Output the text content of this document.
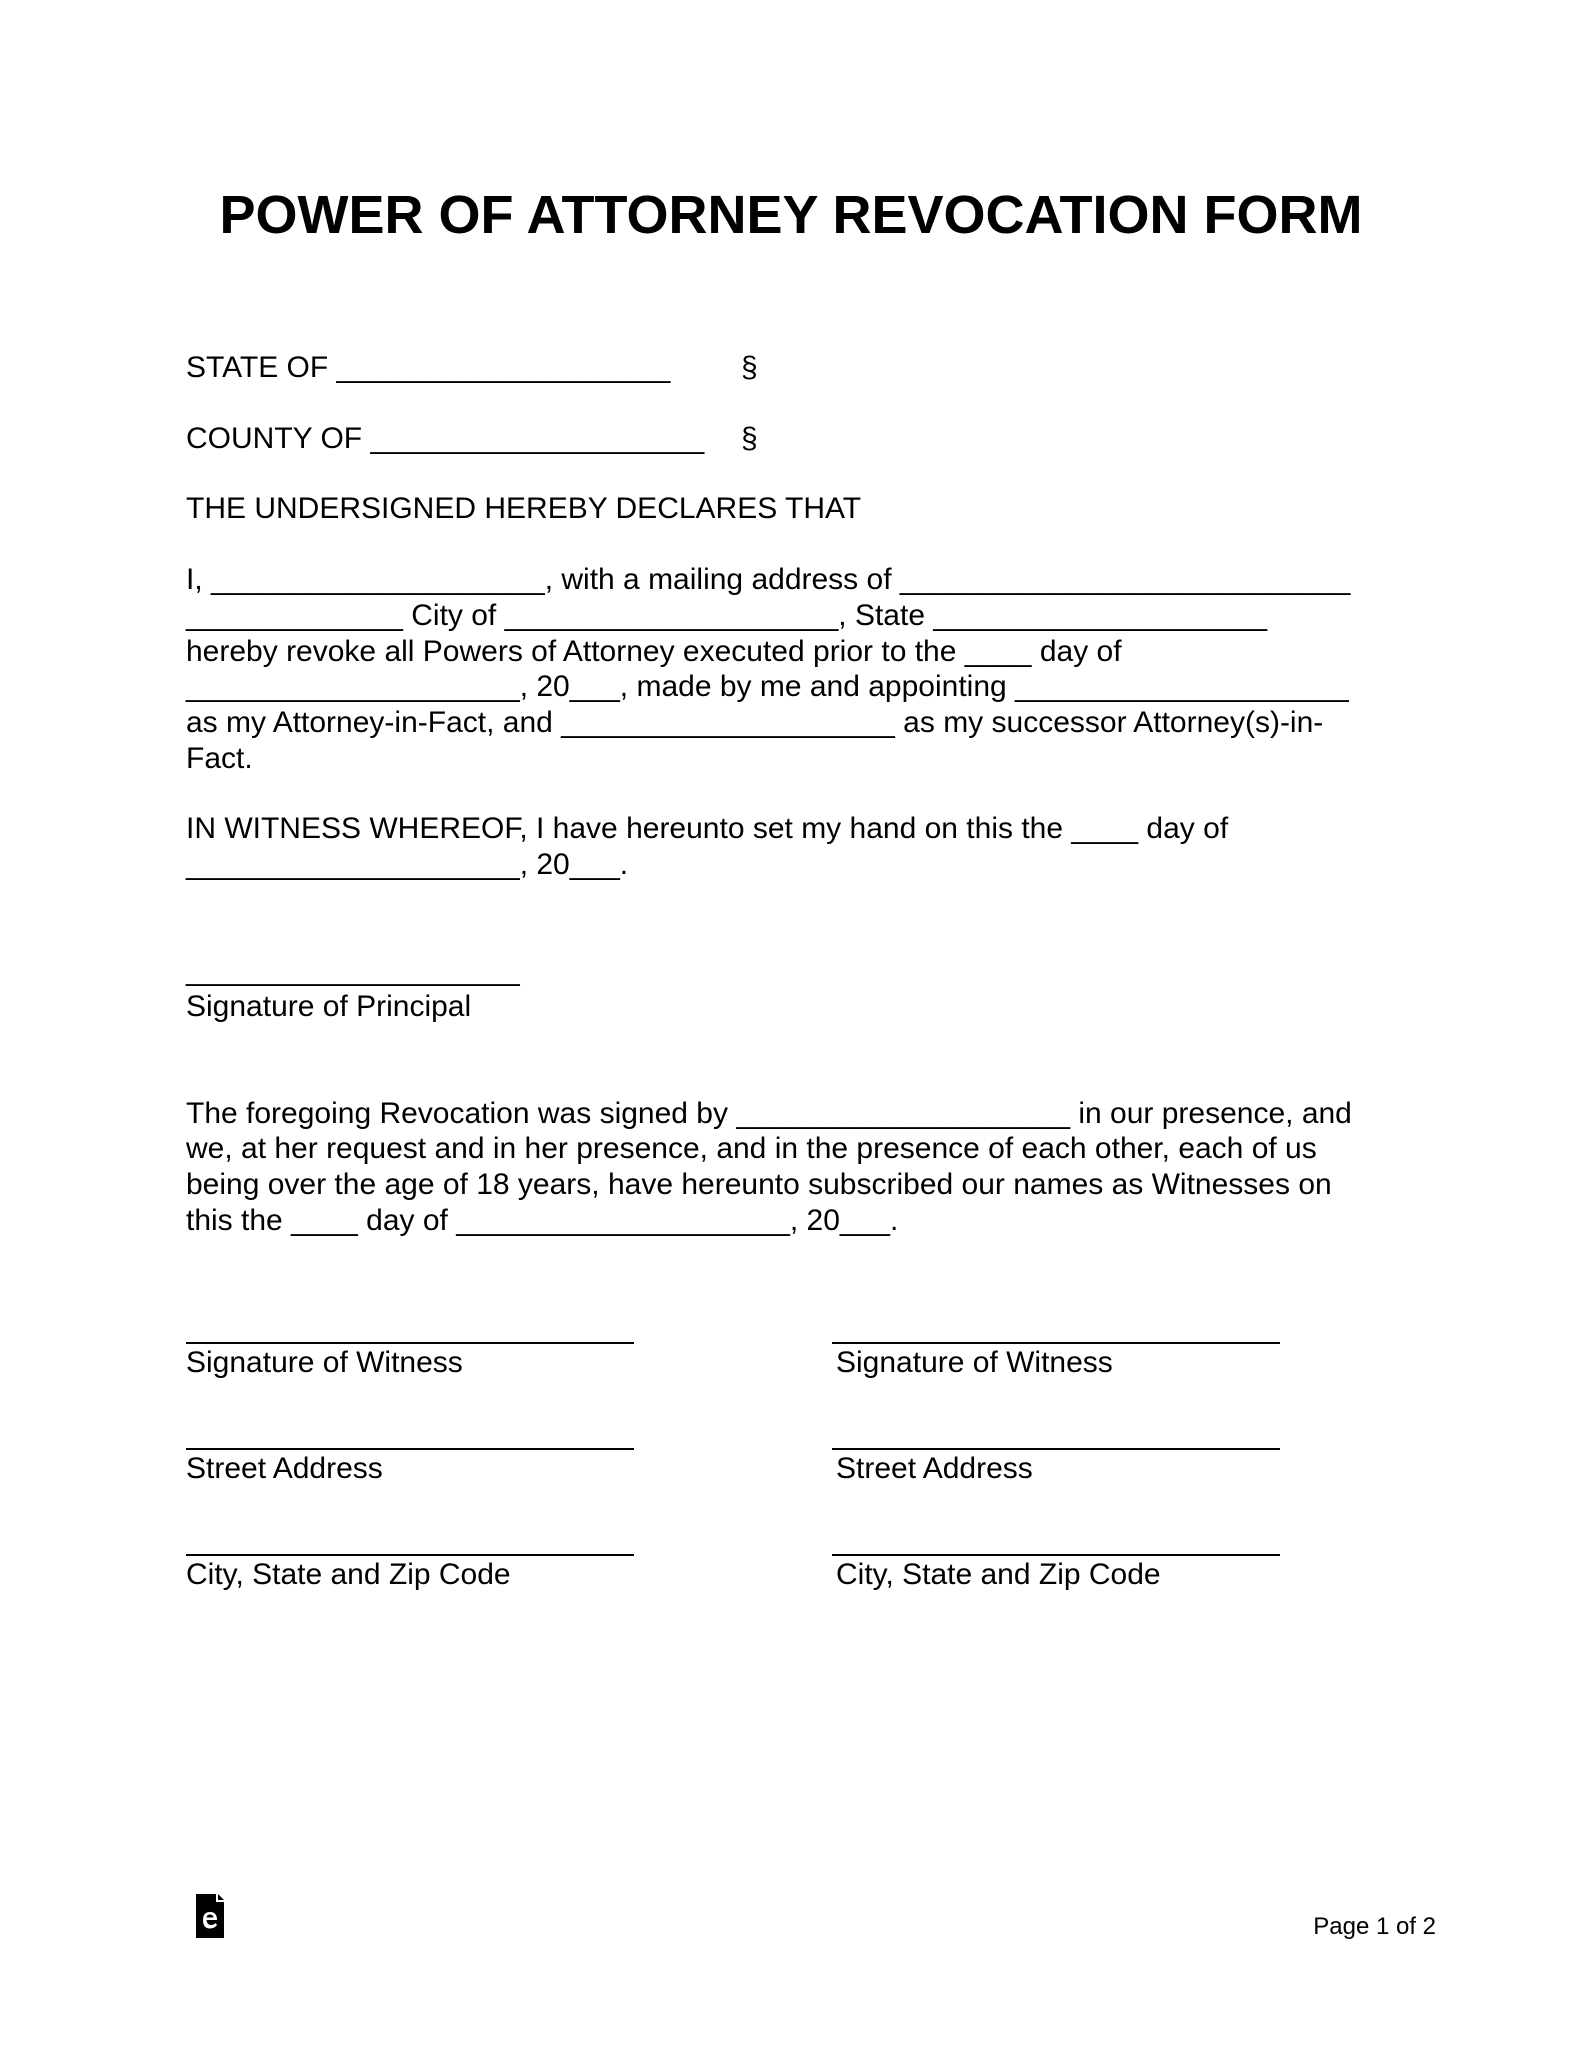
POWER OF ATTORNEY REVOCATION FORM
STATE OF ____________________ §
COUNTY OF ____________________ §
THE UNDERSIGNED HEREBY DECLARES THAT
I, ____________________, with a mailing address of ___________________________
_____________ City of ____________________, State ____________________
hereby revoke all Powers of Attorney executed prior to the ____ day of
____________________, 20___, made by me and appointing ____________________
as my Attorney-in-Fact, and ____________________ as my successor Attorney(s)-in-
Fact.
IN WITNESS WHEREOF, I have hereunto set my hand on this the ____ day of
____________________, 20___.
____________________
Signature of Principal
The foregoing Revocation was signed by ____________________ in our presence, and
we, at her request and in her presence, and in the presence of each other, each of us
being over the age of 18 years, have hereunto subscribed our names as Witnesses on
this the ____ day of ____________________, 20___.
Signature of Witness
Street Address
City, State and Zip Code
Signature of Witness
Street Address
City, State and Zip Code
Page 1 of 2
